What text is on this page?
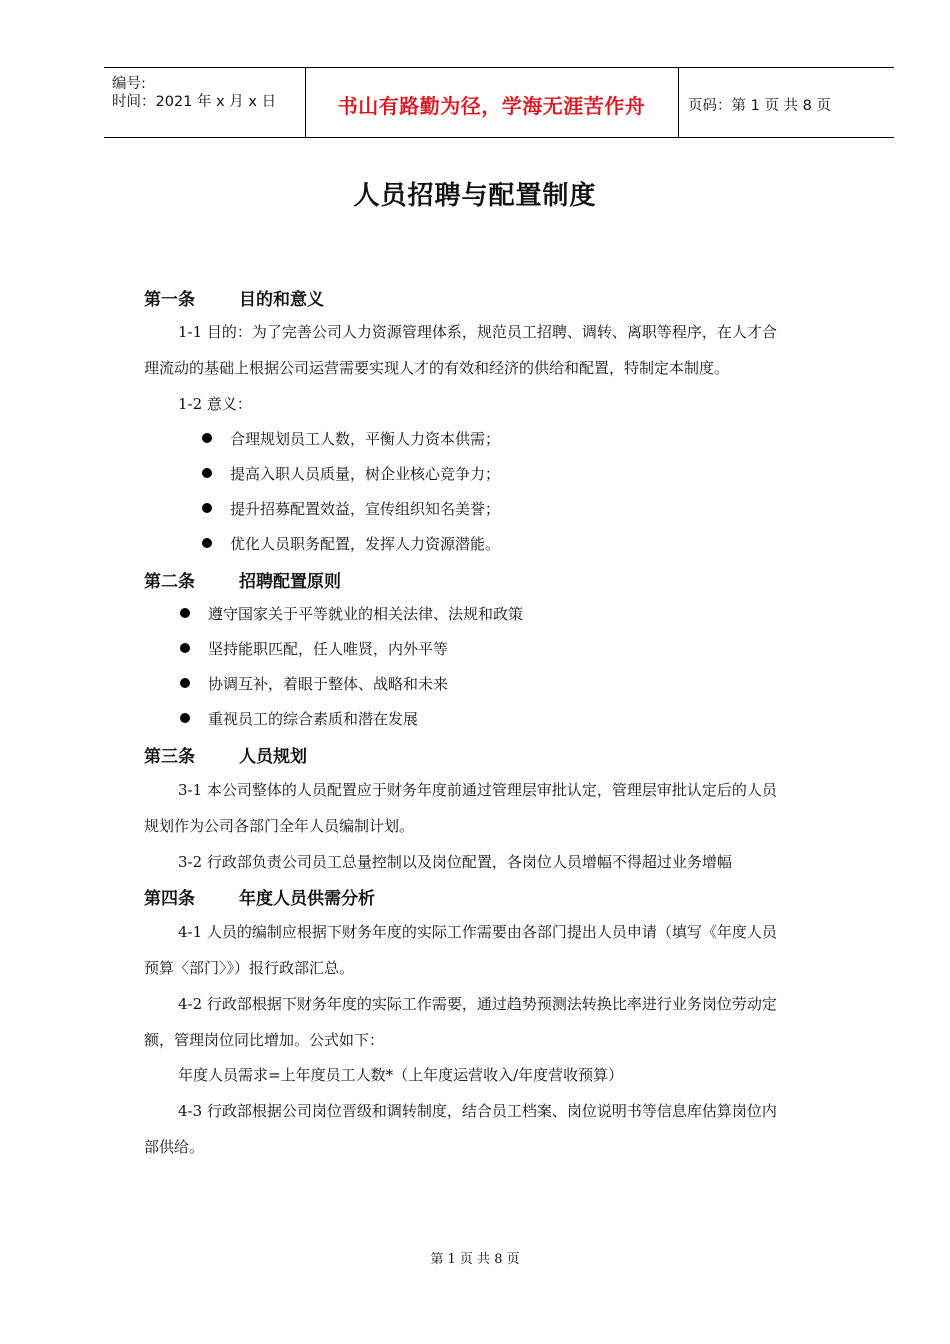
编号:
时间：2021 年 x 月 x 日	书山有路勤为径，学海无涯苦作舟	页码：第 1 页 共 8 页
人员招聘与配置制度
第一条	目的和意义
1-1 目的：为了完善公司人力资源管理体系，规范员工招聘、调转、离职等程序，在人才合
理流动的基础上根据公司运营需要实现人才的有效和经济的供给和配置，特制定本制度。
1-2 意义：
合理规划员工人数，平衡人力资本供需；
提高入职人员质量，树企业核心竞争力；
提升招募配置效益，宣传组织知名美誉；
优化人员职务配置，发挥人力资源潜能。
第二条	招聘配置原则
遵守国家关于平等就业的相关法律、法规和政策
坚持能职匹配，任人唯贤，内外平等
协调互补，着眼于整体、战略和未来
重视员工的综合素质和潜在发展
第三条	人员规划
3-1 本公司整体的人员配置应于财务年度前通过管理层审批认定，管理层审批认定后的人员
规划作为公司各部门全年人员编制计划。
3-2 行政部负责公司员工总量控制以及岗位配置，各岗位人员增幅不得超过业务增幅
第四条	年度人员供需分析
4-1 人员的编制应根据下财务年度的实际工作需要由各部门提出人员申请（填写《年度人员
预算〈部门〉》）报行政部汇总。
4-2 行政部根据下财务年度的实际工作需要，通过趋势预测法转换比率进行业务岗位劳动定
额，管理岗位同比增加。公式如下：
年度人员需求=上年度员工人数*（上年度运营收入/年度营收预算）
4-3 行政部根据公司岗位晋级和调转制度，结合员工档案、岗位说明书等信息库估算岗位内
部供给。
第 1 页 共 8 页
